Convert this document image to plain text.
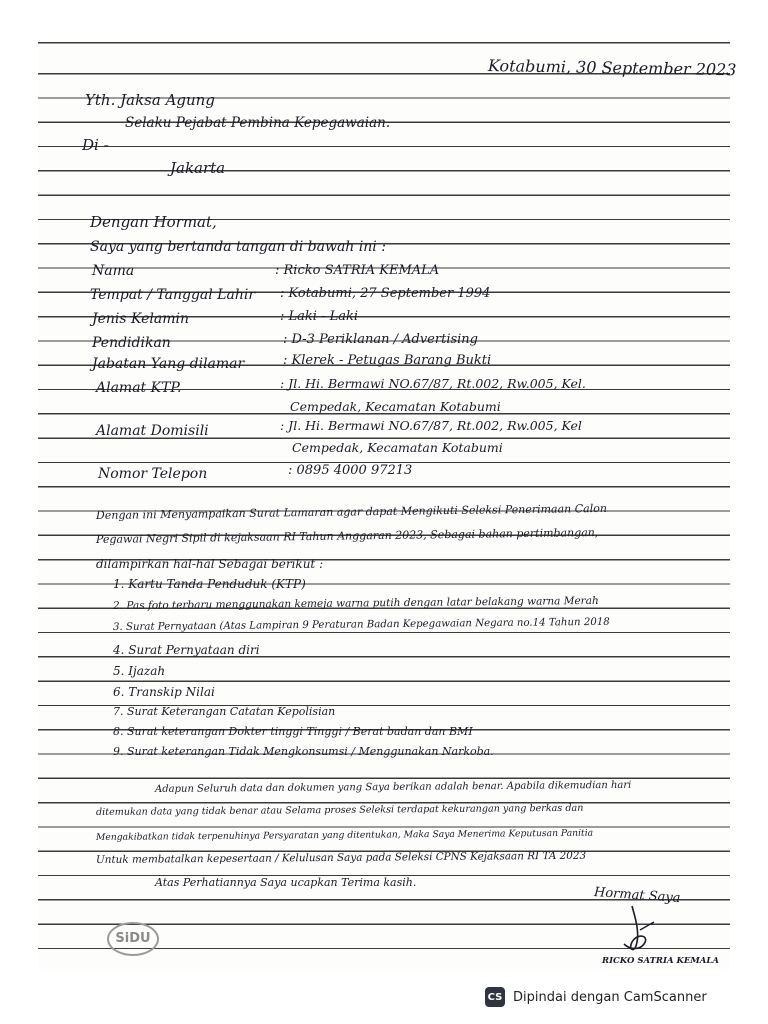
Kotabumi, 30 September 2023
Yth. Jaksa Agung
Selaku Pejabat Pembina Kepegawaian.
Di -
Jakarta
Dengan Hormat,
Saya yang bertanda tangan di bawah ini :
Nama	: Ricko SATRIA KEMALA
Tempat / Tanggal Lahir : Kotabumi, 27 September 1994
Jenis Kelamin	: Laki - Laki
Pendidikan	: D-3 Periklanan / Advertising
Jabatan Yang dilamar	: Klerek - Petugas Barang Bukti
Alamat KTP.	: Jl. Hi. Bermawi NO.67/87, Rt.002, Rw.005, Kel.
Cempedak, Kecamatan Kotabumi
Alamat Domisili	: Jl. Hi. Bermawi NO.67/87, Rt.002, Rw.005, Kel
Cempedak, Kecamatan Kotabumi
Nomor Telepon	: 0895 4000 97213
Dengan ini Menyampaikan Surat Lamaran agar dapat Mengikuti Seleksi Penerimaan Calon
Pegawai Negri Sipil di kejaksaan RI Tahun Anggaran 2023, Sebagai bahan pertimbangan,
dilampirkan hal-hal Sebagai berikut :
1. Kartu Tanda Penduduk (KTP)
2. Pas foto terbaru menggunakan kemeja warna putih dengan latar belakang warna Merah
3. Surat Pernyataan (Atas Lampiran 9 Peraturan Badan Kepegawaian Negara no.14 Tahun 2018
4. Surat Pernyataan diri
5. Ijazah
6. Transkip Nilai
7. Surat Keterangan Catatan Kepolisian
8. Surat keterangan Dokter tinggi Tinggi / Berat badan dan BMI
9. Surat keterangan Tidak Mengkonsumsi / Menggunakan Narkoba.
Adapun Seluruh data dan dokumen yang Saya berikan adalah benar. Apabila dikemudian hari
ditemukan data yang tidak benar atau Selama proses Seleksi terdapat kekurangan yang berkas dan
Mengakibatkan tidak terpenuhinya Persyaratan yang ditentukan, Maka Saya Menerima Keputusan Panitia
Untuk membatalkan kepesertaan / Kelulusan Saya pada Seleksi CPNS Kejaksaan RI TA 2023
Atas Perhatiannya Saya ucapkan Terima kasih.
Hormat Saya
RICKO SATRIA KEMALA
SiDU
CS Dipindai dengan CamScanner
